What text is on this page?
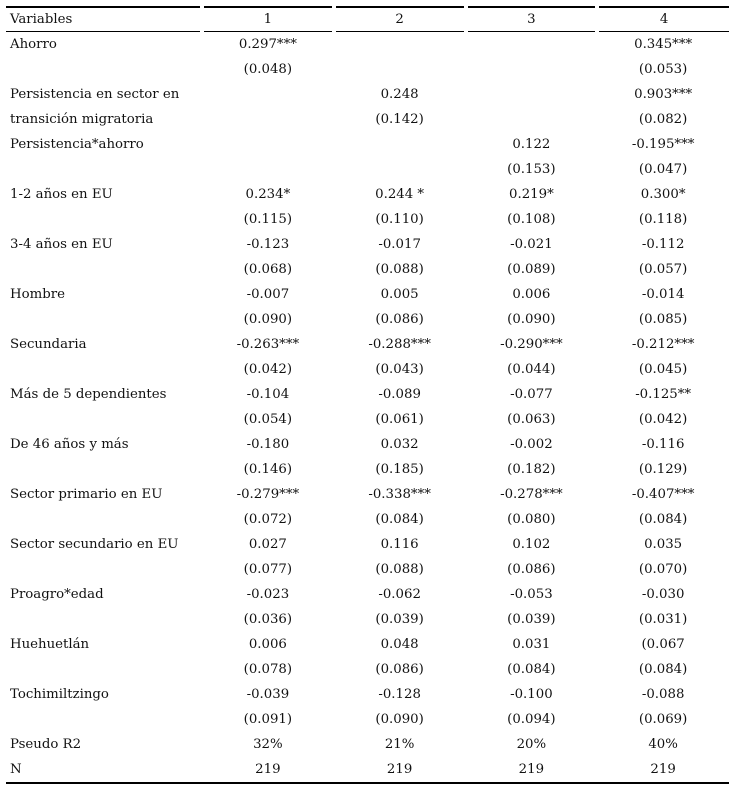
Variables	1	2	3	4
Ahorro	0.297***			0.345***
	(0.048)			(0.053)
Persistencia en sector en		0.248		0.903***
transición migratoria		(0.142)		(0.082)
Persistencia*ahorro			0.122	-0.195***
			(0.153)	(0.047)
1-2 años en EU	0.234*	0.244 *	0.219*	0.300*
	(0.115)	(0.110)	(0.108)	(0.118)
3-4 años en EU	-0.123	-0.017	-0.021	-0.112
	(0.068)	(0.088)	(0.089)	(0.057)
Hombre	-0.007	0.005	0.006	-0.014
	(0.090)	(0.086)	(0.090)	(0.085)
Secundaria	-0.263***	-0.288***	-0.290***	-0.212***
	(0.042)	(0.043)	(0.044)	(0.045)
Más de 5 dependientes	-0.104	-0.089	-0.077	-0.125**
	(0.054)	(0.061)	(0.063)	(0.042)
De 46 años y más	-0.180	0.032	-0.002	-0.116
	(0.146)	(0.185)	(0.182)	(0.129)
Sector primario en EU	-0.279***	-0.338***	-0.278***	-0.407***
	(0.072)	(0.084)	(0.080)	(0.084)
Sector secundario en EU	0.027	0.116	0.102	0.035
	(0.077)	(0.088)	(0.086)	(0.070)
Proagro*edad	-0.023	-0.062	-0.053	-0.030
	(0.036)	(0.039)	(0.039)	(0.031)
Huehuetlán	0.006	0.048	0.031	(0.067
	(0.078)	(0.086)	(0.084)	(0.084)
Tochimiltzingo	-0.039	-0.128	-0.100	-0.088
	(0.091)	(0.090)	(0.094)	(0.069)
Pseudo R2	32%	21%	20%	40%
N	219	219	219	219
